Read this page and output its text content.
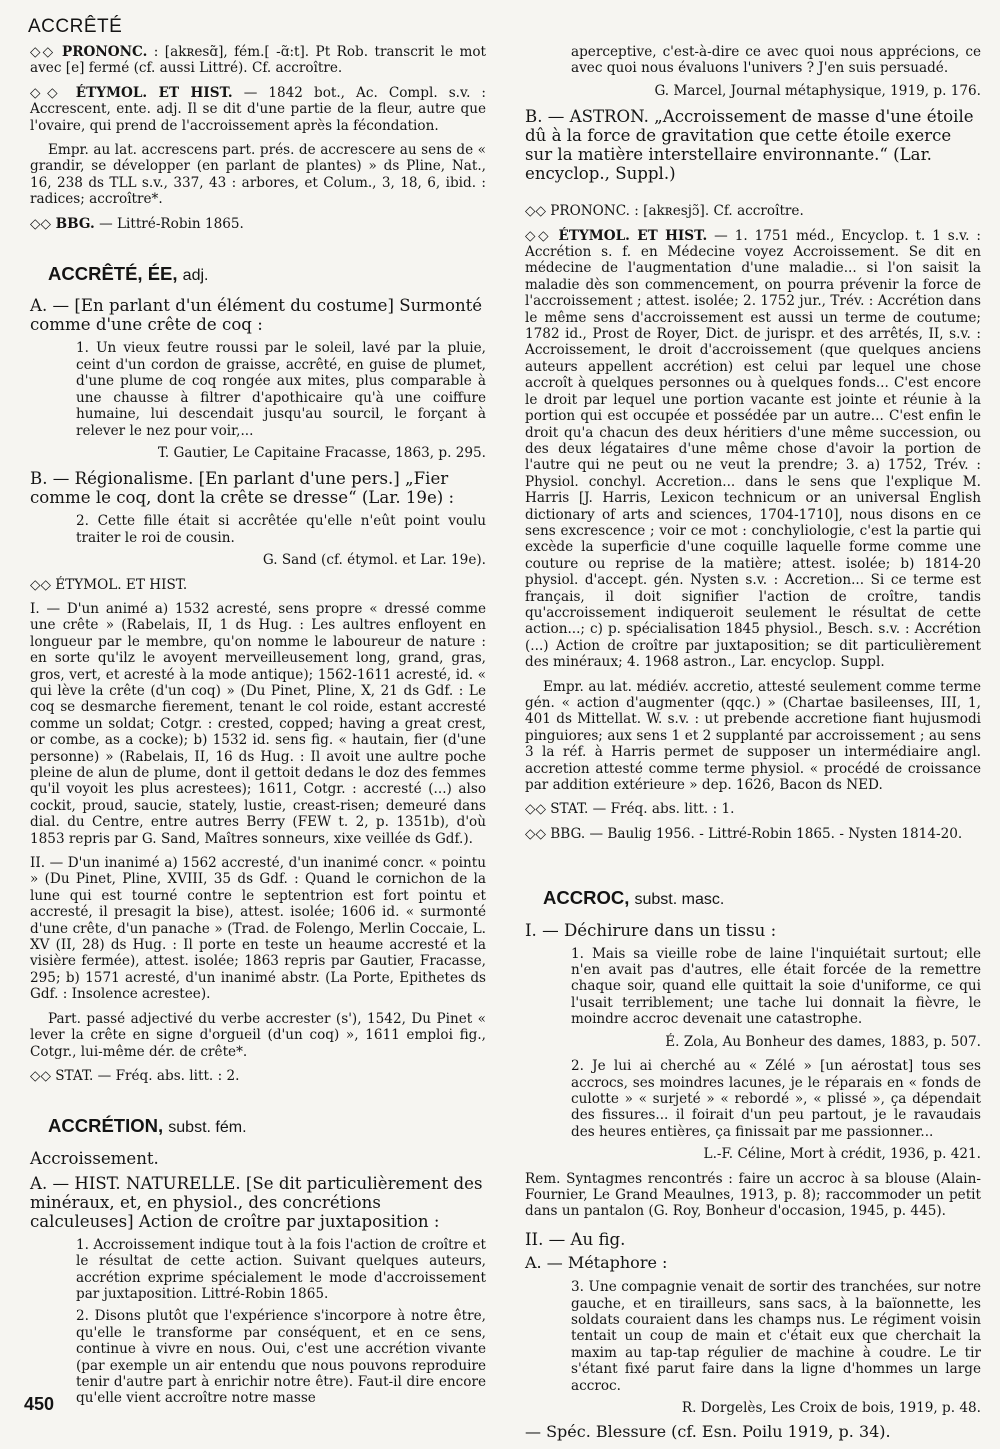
ACCRÊTÉ

◇◇ PRONONC. : [akʀesɑ̃], fém.[ -ɑ̃:t]. Pt Rob. transcrit le mot avec [e] fermé (cf. aussi Littré). Cf. accroître.

◇◇ ÉTYMOL. ET HIST. — 1842 bot., Ac. Compl. s.v. : Accrescent, ente. adj. Il se dit d'une partie de la fleur, autre que l'ovaire, qui prend de l'accroissement après la fécondation.

Empr. au lat. accrescens part. prés. de accrescere au sens de « grandir, se développer (en parlant de plantes) » ds Pline, Nat., 16, 238 ds TLL s.v., 337, 43 : arbores, et Colum., 3, 18, 6, ibid. : radices; accroître*.

◇◇ BBG. — Littré-Robin 1865.

ACCRÊTÉ, ÉE, adj.

A. — [En parlant d'un élément du costume] Surmonté comme d'une crête de coq :

1. Un vieux feutre roussi par le soleil, lavé par la pluie, ceint d'un cordon de graisse, accrêté, en guise de plumet, d'une plume de coq rongée aux mites, plus comparable à une chausse à filtrer d'apothicaire qu'à une coiffure humaine, lui descendait jusqu'au sourcil, le forçant à relever le nez pour voir,...

T. Gautier, Le Capitaine Fracasse, 1863, p. 295.

B. — Régionalisme. [En parlant d'une pers.] „Fier comme le coq, dont la crête se dresse“ (Lar. 19e) :

2. Cette fille était si accrêtée qu'elle n'eût point voulu traiter le roi de cousin.

G. Sand (cf. étymol. et Lar. 19e).

◇◇ ÉTYMOL. ET HIST.

I. — D'un animé a) 1532 acresté, sens propre « dressé comme une crête » (Rabelais, II, 1 ds Hug. : Les aultres enfloyent en longueur par le membre, qu'on nomme le laboureur de nature : en sorte qu'ilz le avoyent merveilleusement long, grand, gras, gros, vert, et acresté à la mode antique); 1562-1611 acresté, id. « qui lève la crête (d'un coq) » (Du Pinet, Pline, X, 21 ds Gdf. : Le coq se desmarche fierement, tenant le col roide, estant accresté comme un soldat; Cotgr. : crested, copped; having a great crest, or combe, as a cocke); b) 1532 id. sens fig. « hautain, fier (d'une personne) » (Rabelais, II, 16 ds Hug. : Il avoit une aultre poche pleine de alun de plume, dont il gettoit dedans le doz des femmes qu'il voyoit les plus acrestees); 1611, Cotgr. : accresté (...) also cockit, proud, saucie, stately, lustie, creast-risen; demeuré dans dial. du Centre, entre autres Berry (FEW t. 2, p. 1351b), d'où 1853 repris par G. Sand, Maîtres sonneurs, xixe veillée ds Gdf.).

II. — D'un inanimé a) 1562 accresté, d'un inanimé concr. « pointu » (Du Pinet, Pline, XVIII, 35 ds Gdf. : Quand le cornichon de la lune qui est tourné contre le septentrion est fort pointu et accresté, il presagit la bise), attest. isolée; 1606 id. « surmonté d'une crête, d'un panache » (Trad. de Folengo, Merlin Coccaie, L. XV (II, 28) ds Hug. : Il porte en teste un heaume accresté et la visière fermée), attest. isolée; 1863 repris par Gautier, Fracasse, 295; b) 1571 acresté, d'un inanimé abstr. (La Porte, Epithetes ds Gdf. : Insolence acrestee).

Part. passé adjectivé du verbe accrester (s'), 1542, Du Pinet « lever la crête en signe d'orgueil (d'un coq) », 1611 emploi fig., Cotgr., lui-même dér. de crête*.

◇◇ STAT. — Fréq. abs. litt. : 2.

ACCRÉTION, subst. fém.

Accroissement.

A. — HIST. NATURELLE. [Se dit particulièrement des minéraux, et, en physiol., des concrétions calculeuses] Action de croître par juxtaposition :

1. Accroissement indique tout à la fois l'action de croître et le résultat de cette action. Suivant quelques auteurs, accrétion exprime spécialement le mode d'accroissement par juxtaposition. Littré-Robin 1865.

2. Disons plutôt que l'expérience s'incorpore à notre être, qu'elle le transforme par conséquent, et en ce sens, continue à vivre en nous. Oui, c'est une accrétion vivante (par exemple un air entendu que nous pouvons reproduire tenir d'autre part à enrichir notre être). Faut-il dire encore qu'elle vient accroître notre masse

aperceptive, c'est-à-dire ce avec quoi nous apprécions, ce avec quoi nous évaluons l'univers ? J'en suis persuadé.

G. Marcel, Journal métaphysique, 1919, p. 176.

B. — ASTRON. „Accroissement de masse d'une étoile dû à la force de gravitation que cette étoile exerce sur la matière interstellaire environnante.“ (Lar. encyclop., Suppl.)

◇◇ PRONONC. : [akʀesjɔ̃]. Cf. accroître.

◇◇ ÉTYMOL. ET HIST. — 1. 1751 méd., Encyclop. t. 1 s.v. : Accrétion s. f. en Médecine voyez Accroissement. Se dit en médecine de l'augmentation d'une maladie... si l'on saisit la maladie dès son commencement, on pourra prévenir la force de l'accroissement ; attest. isolée; 2. 1752 jur., Trév. : Accrétion dans le même sens d'accroissement est aussi un terme de coutume; 1782 id., Prost de Royer, Dict. de jurispr. et des arrêtés, II, s.v. : Accroissement, le droit d'accroissement (que quelques anciens auteurs appellent accrétion) est celui par lequel une chose accroît à quelques personnes ou à quelques fonds... C'est encore le droit par lequel une portion vacante est jointe et réunie à la portion qui est occupée et possédée par un autre... C'est enfin le droit qu'a chacun des deux héritiers d'une même succession, ou des deux légataires d'une même chose d'avoir la portion de l'autre qui ne peut ou ne veut la prendre; 3. a) 1752, Trév. : Physiol. conchyl. Accretion... dans le sens que l'explique M. Harris [J. Harris, Lexicon technicum or an universal English dictionary of arts and sciences, 1704-1710], nous disons en ce sens excrescence ; voir ce mot : conchyliologie, c'est la partie qui excède la superficie d'une coquille laquelle forme comme une couture ou reprise de la matière; attest. isolée; b) 1814-20 physiol. d'accept. gén. Nysten s.v. : Accretion... Si ce terme est français, il doit signifier l'action de croître, tandis qu'accroissement indiqueroit seulement le résultat de cette action...; c) p. spécialisation 1845 physiol., Besch. s.v. : Accrétion (...) Action de croître par juxtaposition; se dit particulièrement des minéraux; 4. 1968 astron., Lar. encyclop. Suppl.

Empr. au lat. médiév. accretio, attesté seulement comme terme gén. « action d'augmenter (qqc.) » (Chartae basileenses, III, 1, 401 ds Mittellat. W. s.v. : ut prebende accretione fiant hujusmodi pinguiores; aux sens 1 et 2 supplanté par accroissement ; au sens 3 la réf. à Harris permet de supposer un intermédiaire angl. accretion attesté comme terme physiol. « procédé de croissance par addition extérieure » dep. 1626, Bacon ds NED.

◇◇ STAT. — Fréq. abs. litt. : 1.

◇◇ BBG. — Baulig 1956. - Littré-Robin 1865. - Nysten 1814-20.

ACCROC, subst. masc.

I. — Déchirure dans un tissu :

1. Mais sa vieille robe de laine l'inquiétait surtout; elle n'en avait pas d'autres, elle était forcée de la remettre chaque soir, quand elle quittait la soie d'uniforme, ce qui l'usait terriblement; une tache lui donnait la fièvre, le moindre accroc devenait une catastrophe.

É. Zola, Au Bonheur des dames, 1883, p. 507.

2. Je lui ai cherché au « Zélé » [un aérostat] tous ses accrocs, ses moindres lacunes, je le réparais en « fonds de culotte » « surjeté » « rebordé », « plissé », ça dépendait des fissures... il foirait d'un peu partout, je le ravaudais des heures entières, ça finissait par me passionner...

L.-F. Céline, Mort à crédit, 1936, p. 421.

Rem. Syntagmes rencontrés : faire un accroc à sa blouse (Alain-Fournier, Le Grand Meaulnes, 1913, p. 8); raccommoder un petit dans un pantalon (G. Roy, Bonheur d'occasion, 1945, p. 445).

II. — Au fig.

A. — Métaphore :

3. Une compagnie venait de sortir des tranchées, sur notre gauche, et en tirailleurs, sans sacs, à la baïonnette, les soldats couraient dans les champs nus. Le régiment voisin tentait un coup de main et c'était eux que cherchait la maxim au tap-tap régulier de machine à coudre. Le tir s'étant fixé parut faire dans la ligne d'hommes un large accroc.

R. Dorgelès, Les Croix de bois, 1919, p. 48.

— Spéc. Blessure (cf. Esn. Poilu 1919, p. 34).

450
